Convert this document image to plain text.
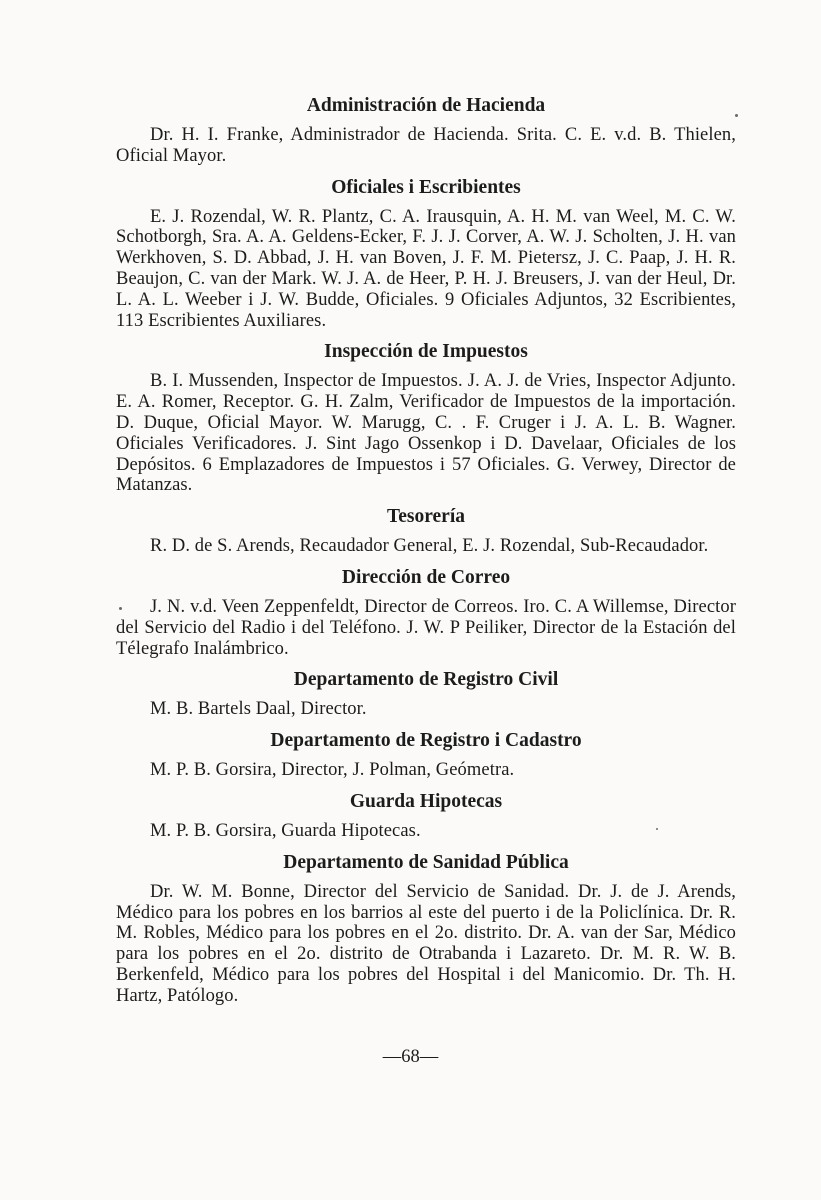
Administración de Hacienda

Dr. H. I. Franke, Administrador de Hacienda. Srita. C. E. v.d. B. Thielen, Oficial Mayor.

Oficiales i Escribientes

E. J. Rozendal, W. R. Plantz, C. A. Irausquin, A. H. M. van Weel, M. C. W. Schotborgh, Sra. A. A. Geldens-Ecker, F. J. J. Corver, A. W. J. Scholten, J. H. van Werkhoven, S. D. Abbad, J. H. van Boven, J. F. M. Pietersz, J. C. Paap, J. H. R. Beaujon, C. van der Mark. W. J. A. de Heer, P. H. J. Breusers, J. van der Heul, Dr. L. A. L. Weeber i J. W. Budde, Oficiales. 9 Oficiales Adjuntos, 32 Escribientes, 113 Escribientes Auxiliares.

Inspección de Impuestos

B. I. Mussenden, Inspector de Impuestos. J. A. J. de Vries, Inspector Adjunto. E. A. Romer, Receptor. G. H. Zalm, Verificador de Impuestos de la importación. D. Duque, Oficial Mayor. W. Marugg, C. . F. Cruger i J. A. L. B. Wagner. Oficiales Verificadores. J. Sint Jago Ossenkop i D. Davelaar, Oficiales de los Depósitos. 6 Emplazadores de Impuestos i 57 Oficiales. G. Verwey, Director de Matanzas.

Tesorería

R. D. de S. Arends, Recaudador General, E. J. Rozendal, Sub-Recaudador.

Dirección de Correo

J. N. v.d. Veen Zeppenfeldt, Director de Correos. Iro. C. A Willemse, Director del Servicio del Radio i del Teléfono. J. W. P Peiliker, Director de la Estación del Télegrafo Inalámbrico.

Departamento de Registro Civil

M. B. Bartels Daal, Director.

Departamento de Registro i Cadastro

M. P. B. Gorsira, Director, J. Polman, Geómetra.

Guarda Hipotecas

M. P. B. Gorsira, Guarda Hipotecas.

Departamento de Sanidad Pública

Dr. W. M. Bonne, Director del Servicio de Sanidad. Dr. J. de J. Arends, Médico para los pobres en los barrios al este del puerto i de la Policlínica. Dr. R. M. Robles, Médico para los pobres en el 2o. distrito. Dr. A. van der Sar, Médico para los pobres en el 2o. distrito de Otrabanda i Lazareto. Dr. M. R. W. B. Berkenfeld, Médico para los pobres del Hospital i del Manicomio. Dr. Th. H. Hartz, Patólogo.

—68—
